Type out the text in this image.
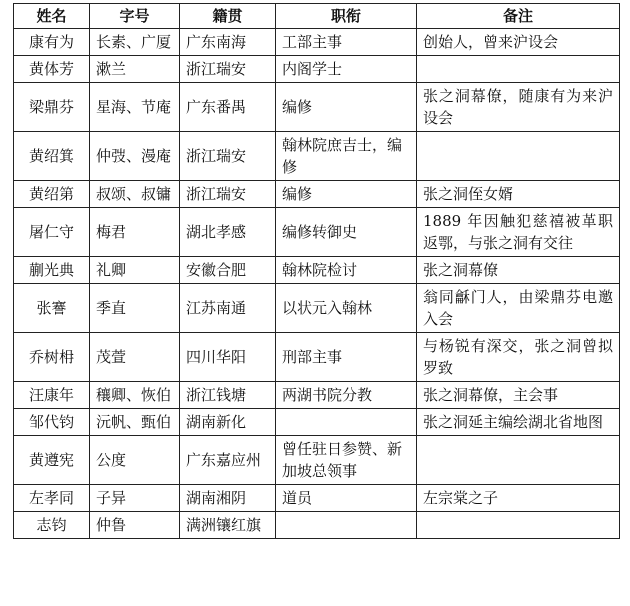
姓名	字号	籍贯	职衔	备注
康有为	长素、广厦	广东南海	工部主事	创始人，曾来沪设会
黄体芳	漱兰	浙江瑞安	内阁学士	
梁鼎芬	星海、节庵	广东番禺	编修	张之洞幕僚，随康有为来沪设会
黄绍箕	仲弢、漫庵	浙江瑞安	翰林院庶吉士，编修	
黄绍第	叔颂、叔镛	浙江瑞安	编修	张之洞侄女婿
屠仁守	梅君	湖北孝感	编修转御史	1889 年因触犯慈禧被革职返鄂，与张之洞有交往
蒯光典	礼卿	安徽合肥	翰林院检讨	张之洞幕僚
张謇	季直	江苏南通	以状元入翰林	翁同龢门人，由梁鼎芬电邀入会
乔树枏	茂萱	四川华阳	刑部主事	与杨锐有深交，张之洞曾拟罗致
汪康年	穰卿、恢伯	浙江钱塘	两湖书院分教	张之洞幕僚，主会事
邹代钧	沅帆、甄伯	湖南新化		张之洞延主编绘湖北省地图
黄遵宪	公度	广东嘉应州	曾任驻日参赞、新加坡总领事	
左孝同	子异	湖南湘阴	道员	左宗棠之子
志钧	仲鲁	满洲镶红旗		
